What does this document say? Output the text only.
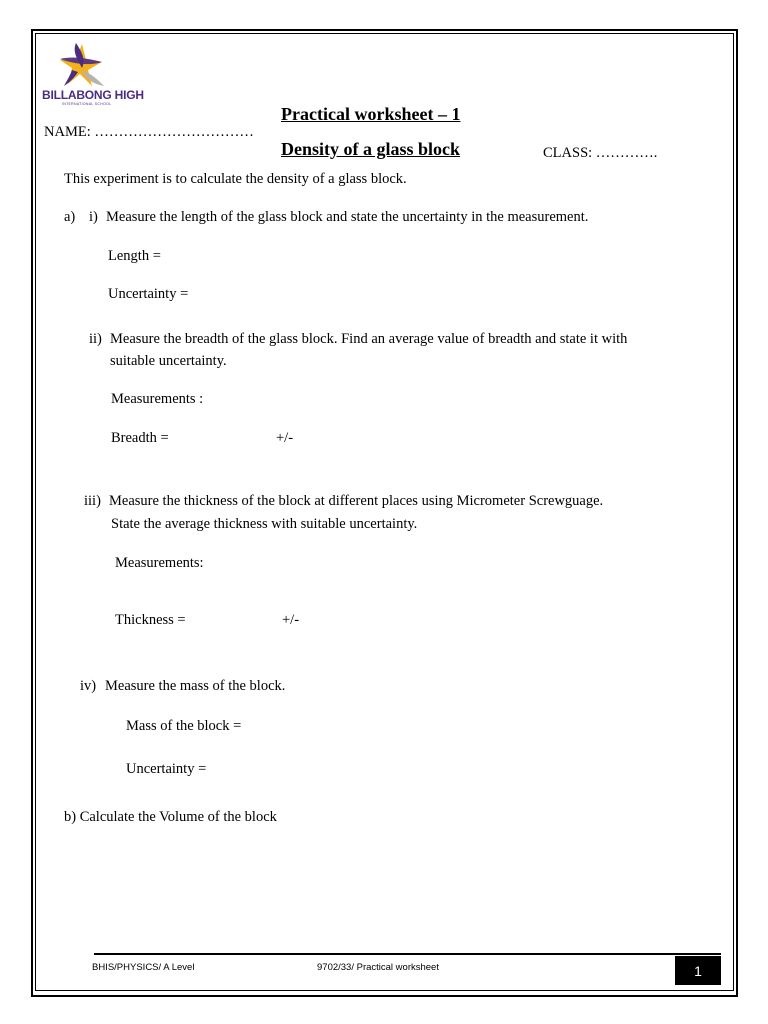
BILLABONG HIGH
INTERNATIONAL SCHOOL	Practical worksheet – 1
NAME: ……………………………
Density of a glass block	CLASS: ………….
This experiment is to calculate the density of a glass block.
a) i) Measure the length of the glass block and state the uncertainty in the measurement.
Length =
Uncertainty =
ii) Measure the breadth of the glass block. Find an average value of breadth and state it with
suitable uncertainty.
Measurements :
Breadth =	+/-
iii) Measure the thickness of the block at different places using Micrometer Screwguage.
State the average thickness with suitable uncertainty.
Measurements:
Thickness =	+/-
iv) Measure the mass of the block.
Mass of the block =
Uncertainty =
b) Calculate the Volume of the block
BHIS/PHYSICS/ A Level	9702/33/ Practical worksheet	1
